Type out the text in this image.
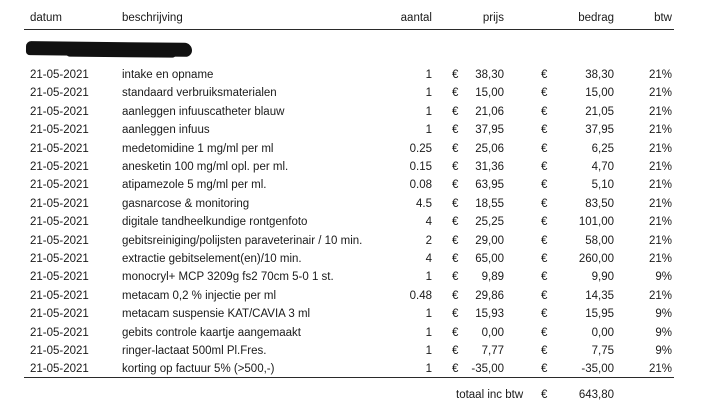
datum	beschrijving	aantal	prijs	bedrag	btw
21-05-2021	intake en opname	1 €	38,30	€	38,30	21%
21-05-2021	standaard verbruiksmaterialen	1 €	15,00	€	15,00	21%
21-05-2021	aanleggen infuuscatheter blauw	1 €	21,06	€	21,05	21%
21-05-2021	aanleggen infuus	1 €	37,95	€	37,95	21%
21-05-2021	medetomidine 1 mg/ml per ml	0.25 €	25,06	€	6,25	21%
21-05-2021	anesketin 100 mg/ml opl. per ml.	0.15 €	31,36	€	4,70	21%
21-05-2021	atipamezole 5 mg/ml per ml.	0.08 €	63,95	€	5,10	21%
21-05-2021	gasnarcose & monitoring	4.5 €	18,55	€	83,50	21%
21-05-2021	digitale tandheelkundige rontgenfoto	4 €	25,25	€	101,00	21%
21-05-2021	gebitsreiniging/polijsten paraveterinair / 10 min.	2 €	29,00	€	58,00	21%
21-05-2021	extractie gebitselement(en)/10 min.	4 €	65,00	€	260,00	21%
21-05-2021	monocryl+ MCP 3209g fs2 70cm 5-0 1 st.	1 €	9,89	€	9,90	9%
21-05-2021	metacam 0,2 % injectie per ml	0.48 €	29,86	€	14,35	21%
21-05-2021	metacam suspensie KAT/CAVIA 3 ml	1 €	15,93	€	15,95	9%
21-05-2021	gebits controle kaartje aangemaakt	1 €	0,00	€	0,00	9%
21-05-2021	ringer-lactaat 500ml Pl.Fres.	1 €	7,77	€	7,75	9%
21-05-2021	korting op factuur 5% (>500,-)	1 €	-35,00	€	-35,00	21%
totaal inc btw €	643,80
